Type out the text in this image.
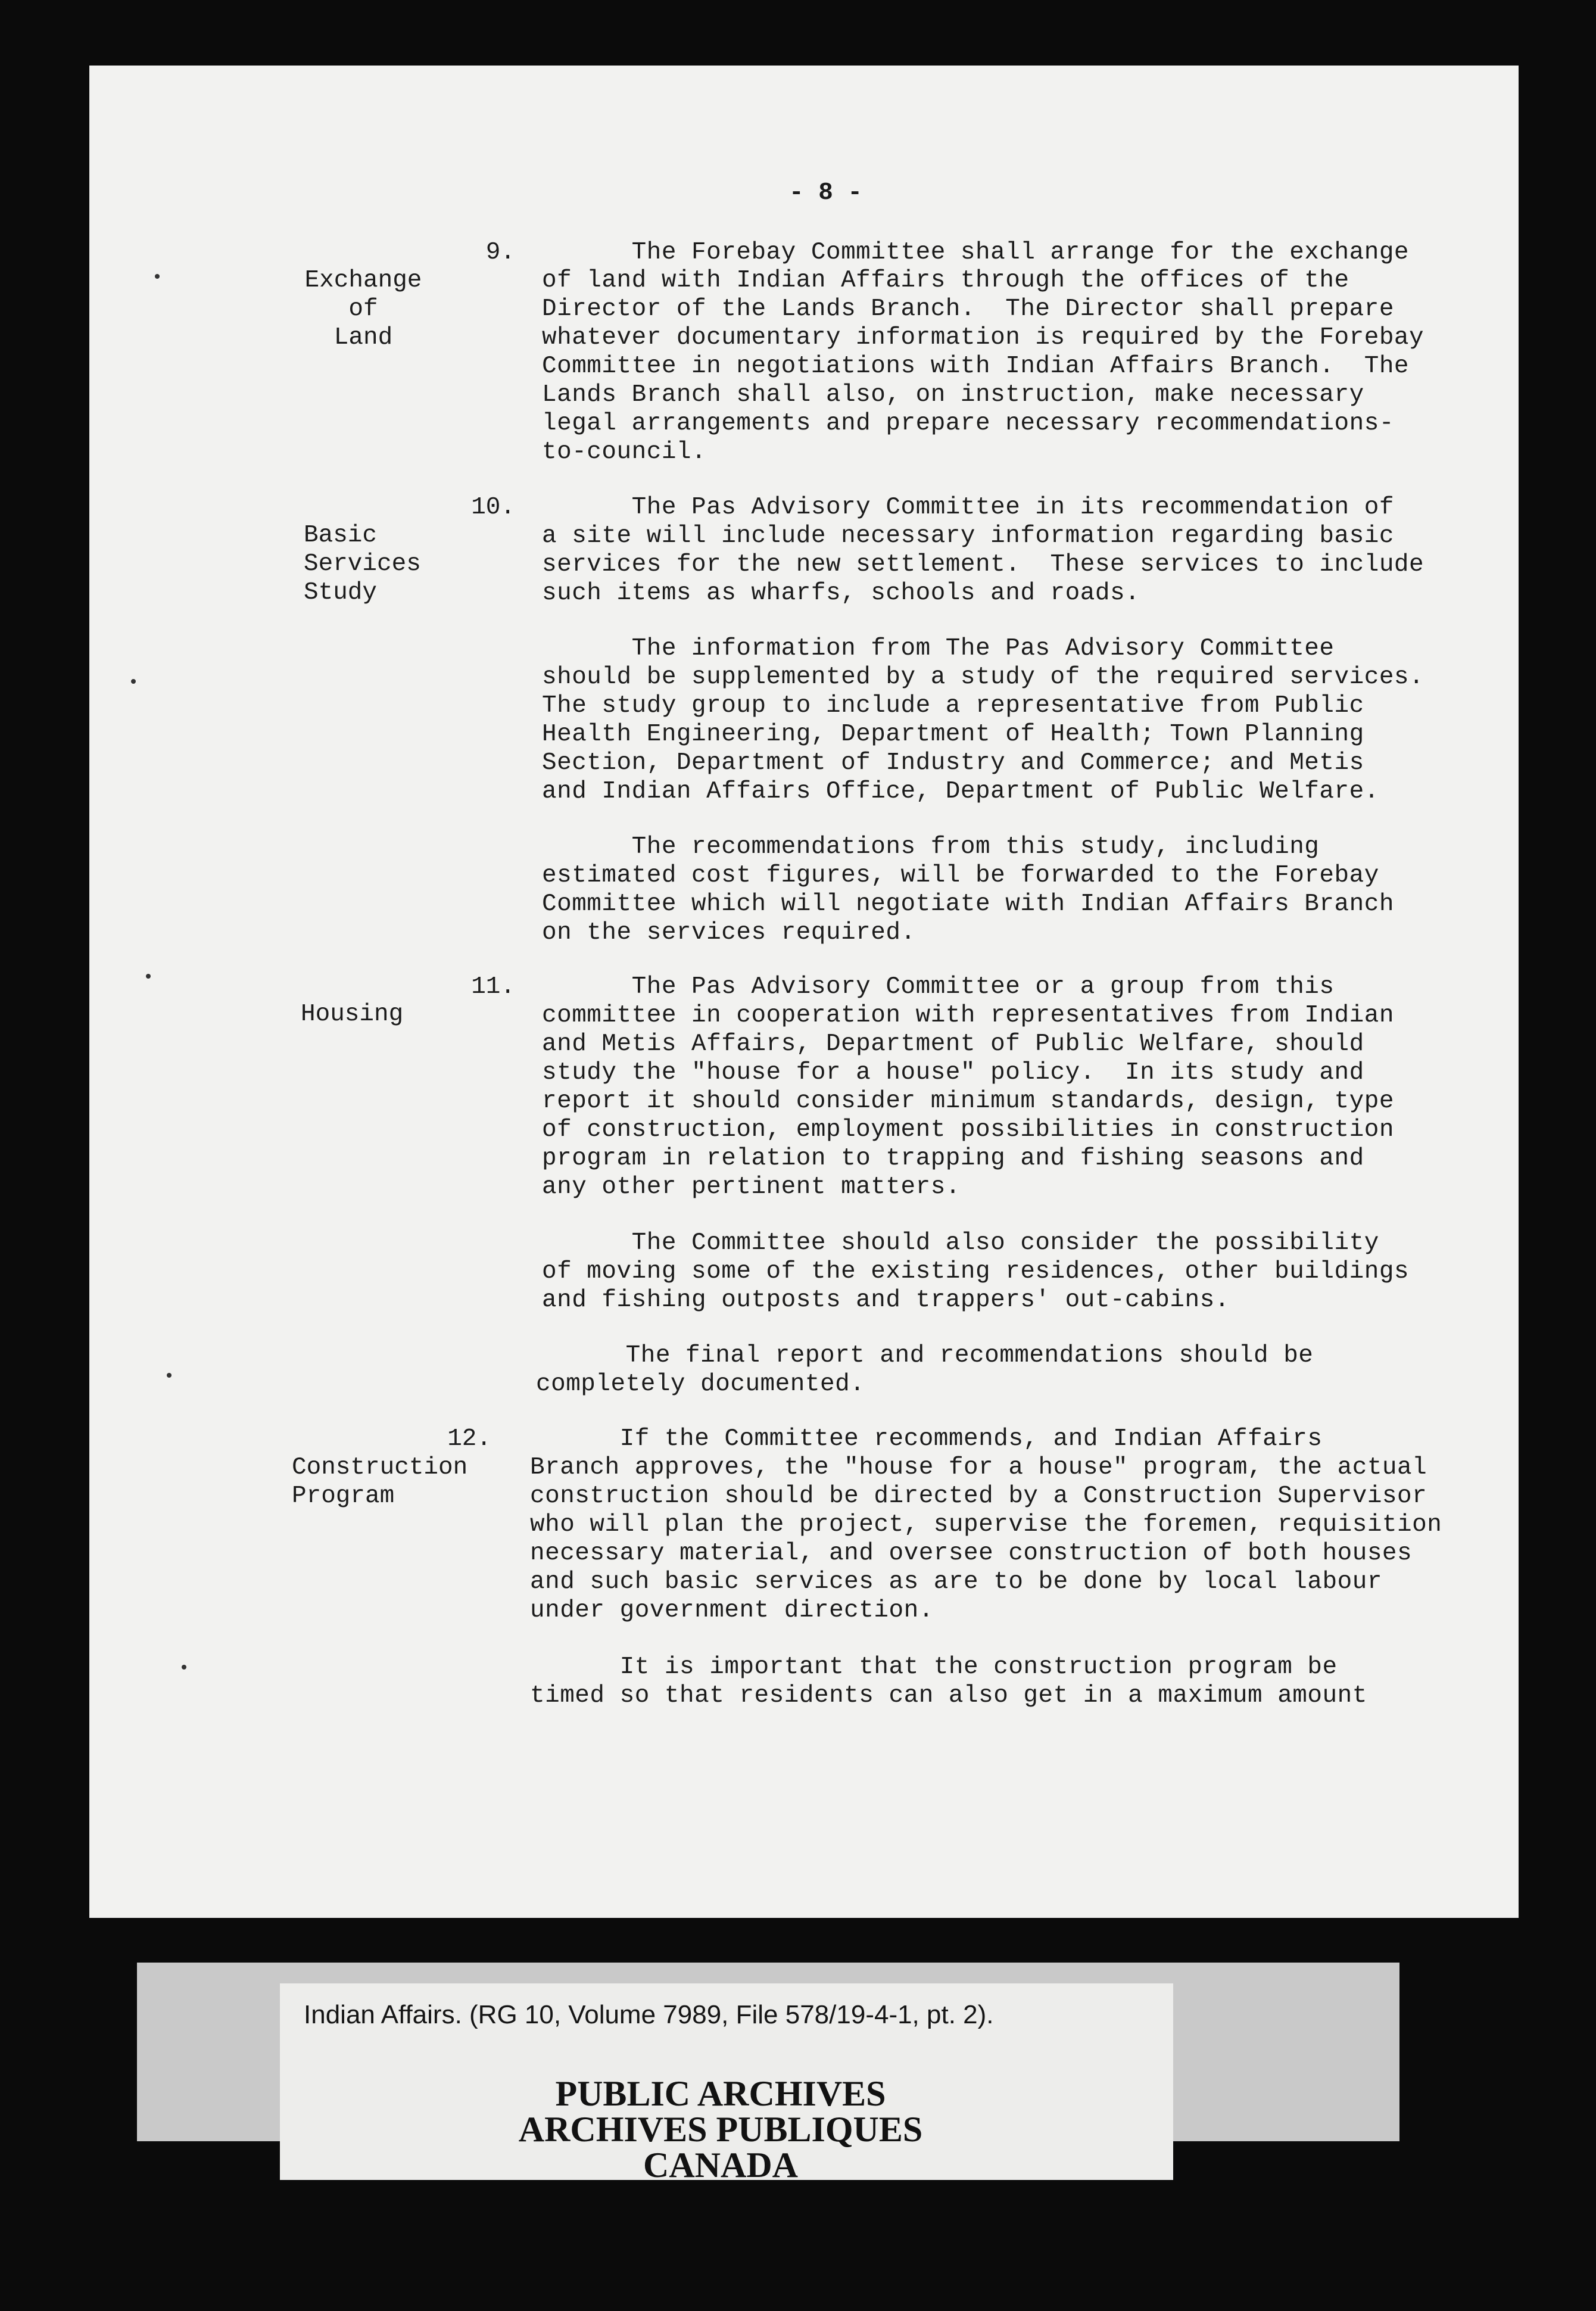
- 8 -
9.
Exchange
of
Land
The Forebay Committee shall arrange for the exchange
of land with Indian Affairs through the offices of the
Director of the Lands Branch.  The Director shall prepare
whatever documentary information is required by the Forebay
Committee in negotiations with Indian Affairs Branch.  The
Lands Branch shall also, on instruction, make necessary
legal arrangements and prepare necessary recommendations-
to-council.
10.
Basic
Services
Study
The Pas Advisory Committee in its recommendation of
a site will include necessary information regarding basic
services for the new settlement.  These services to include
such items as wharfs, schools and roads.
The information from The Pas Advisory Committee
should be supplemented by a study of the required services.
The study group to include a representative from Public
Health Engineering, Department of Health; Town Planning
Section, Department of Industry and Commerce; and Metis
and Indian Affairs Office, Department of Public Welfare.
The recommendations from this study, including
estimated cost figures, will be forwarded to the Forebay
Committee which will negotiate with Indian Affairs Branch
on the services required.
11.
Housing
The Pas Advisory Committee or a group from this
committee in cooperation with representatives from Indian
and Metis Affairs, Department of Public Welfare, should
study the "house for a house" policy.  In its study and
report it should consider minimum standards, design, type
of construction, employment possibilities in construction
program in relation to trapping and fishing seasons and
any other pertinent matters.
The Committee should also consider the possibility
of moving some of the existing residences, other buildings
and fishing outposts and trappers' out-cabins.
The final report and recommendations should be
completely documented.
12.
Construction
Program
If the Committee recommends, and Indian Affairs
Branch approves, the "house for a house" program, the actual
construction should be directed by a Construction Supervisor
who will plan the project, supervise the foremen, requisition
necessary material, and oversee construction of both houses
and such basic services as are to be done by local labour
under government direction.
It is important that the construction program be
timed so that residents can also get in a maximum amount
Indian Affairs. (RG 10, Volume 7989, File 578/19-4-1, pt. 2).
PUBLIC ARCHIVES
ARCHIVES PUBLIQUES
CANADA
